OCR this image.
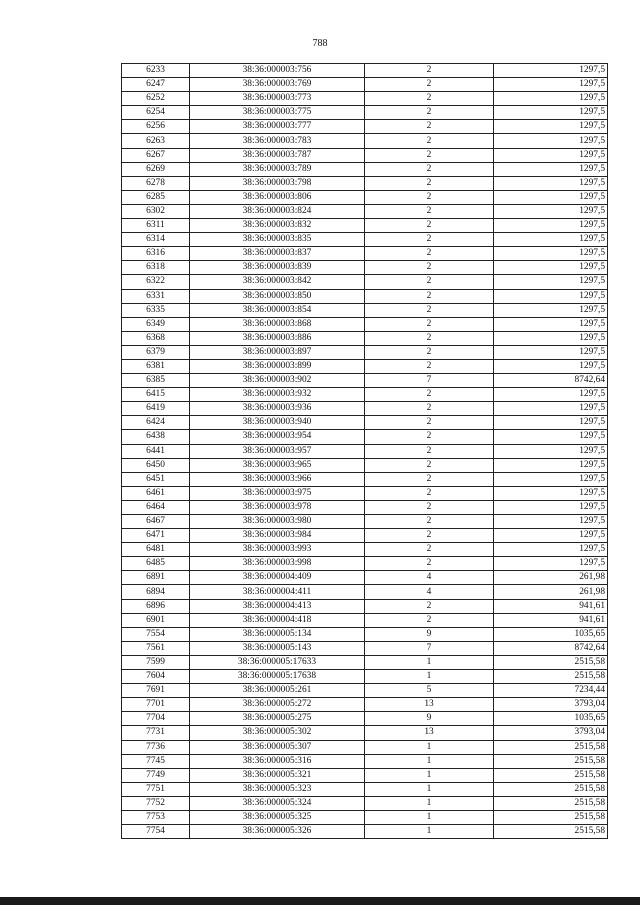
788
6233	38:36:000003:756	2	1297,5
6247	38:36:000003:769	2	1297,5
6252	38:36:000003:773	2	1297,5
6254	38:36:000003:775	2	1297,5
6256	38:36:000003:777	2	1297,5
6263	38:36:000003:783	2	1297,5
6267	38:36:000003:787	2	1297,5
6269	38:36:000003:789	2	1297,5
6278	38:36:000003:798	2	1297,5
6285	38:36:000003:806	2	1297,5
6302	38:36:000003:824	2	1297,5
6311	38:36:000003:832	2	1297,5
6314	38:36:000003:835	2	1297,5
6316	38:36:000003:837	2	1297,5
6318	38:36:000003:839	2	1297,5
6322	38:36:000003:842	2	1297,5
6331	38:36:000003:850	2	1297,5
6335	38:36:000003:854	2	1297,5
6349	38:36:000003:868	2	1297,5
6368	38:36:000003:886	2	1297,5
6379	38:36:000003:897	2	1297,5
6381	38:36:000003:899	2	1297,5
6385	38:36:000003:902	7	8742,64
6415	38:36:000003:932	2	1297,5
6419	38:36:000003:936	2	1297,5
6424	38:36:000003:940	2	1297,5
6438	38:36:000003:954	2	1297,5
6441	38:36:000003:957	2	1297,5
6450	38:36:000003:965	2	1297,5
6451	38:36:000003:966	2	1297,5
6461	38:36:000003:975	2	1297,5
6464	38:36:000003:978	2	1297,5
6467	38:36:000003:980	2	1297,5
6471	38:36:000003:984	2	1297,5
6481	38:36:000003:993	2	1297,5
6485	38:36:000003:998	2	1297,5
6891	38:36:000004:409	4	261,98
6894	38:36:000004:411	4	261,98
6896	38:36:000004:413	2	941,61
6901	38:36:000004:418	2	941,61
7554	38:36:000005:134	9	1035,65
7561	38:36:000005:143	7	8742,64
7599	38:36:000005:17633	1	2515,58
7604	38:36:000005:17638	1	2515,58
7691	38:36:000005:261	5	7234,44
7701	38:36:000005:272	13	3793,04
7704	38:36:000005:275	9	1035,65
7731	38:36:000005:302	13	3793,04
7736	38:36:000005:307	1	2515,58
7745	38:36:000005:316	1	2515,58
7749	38:36:000005:321	1	2515,58
7751	38:36:000005:323	1	2515,58
7752	38:36:000005:324	1	2515,58
7753	38:36:000005:325	1	2515,58
7754	38:36:000005:326	1	2515,58
